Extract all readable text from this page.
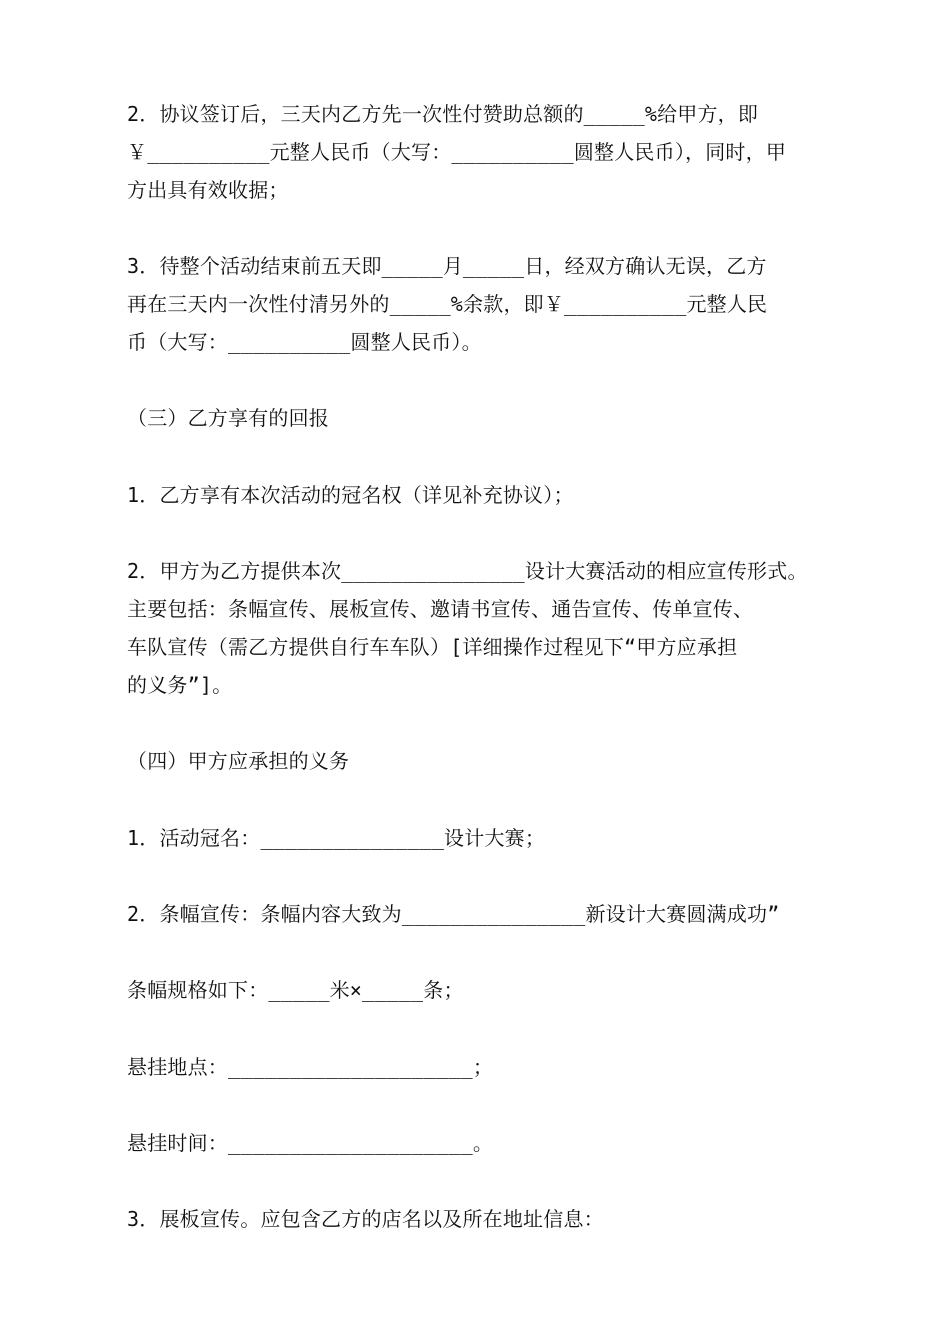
2．协议签订后，三天内乙方先一次性付赞助总额的_____%给甲方，即

￥__________元整人民币（大写：__________圆整人民币），同时，甲

方出具有效收据；

3．待整个活动结束前五天即_____月_____日，经双方确认无误，乙方

再在三天内一次性付清另外的_____%余款，即￥__________元整人民

币（大写：__________圆整人民币）。

（三）乙方享有的回报

1．乙方享有本次活动的冠名权（详见补充协议）；

2．甲方为乙方提供本次_______________设计大赛活动的相应宣传形式。

主要包括：条幅宣传、展板宣传、邀请书宣传、通告宣传、传单宣传、

车队宣传（需乙方提供自行车车队）[详细操作过程见下“甲方应承担

的义务”]。

（四）甲方应承担的义务

1．活动冠名：_______________设计大赛；

2．条幅宣传：条幅内容大致为_______________新设计大赛圆满成功”

条幅规格如下：_____米×_____条；

悬挂地点：____________________；

悬挂时间：____________________。

3．展板宣传。应包含乙方的店名以及所在地址信息：
